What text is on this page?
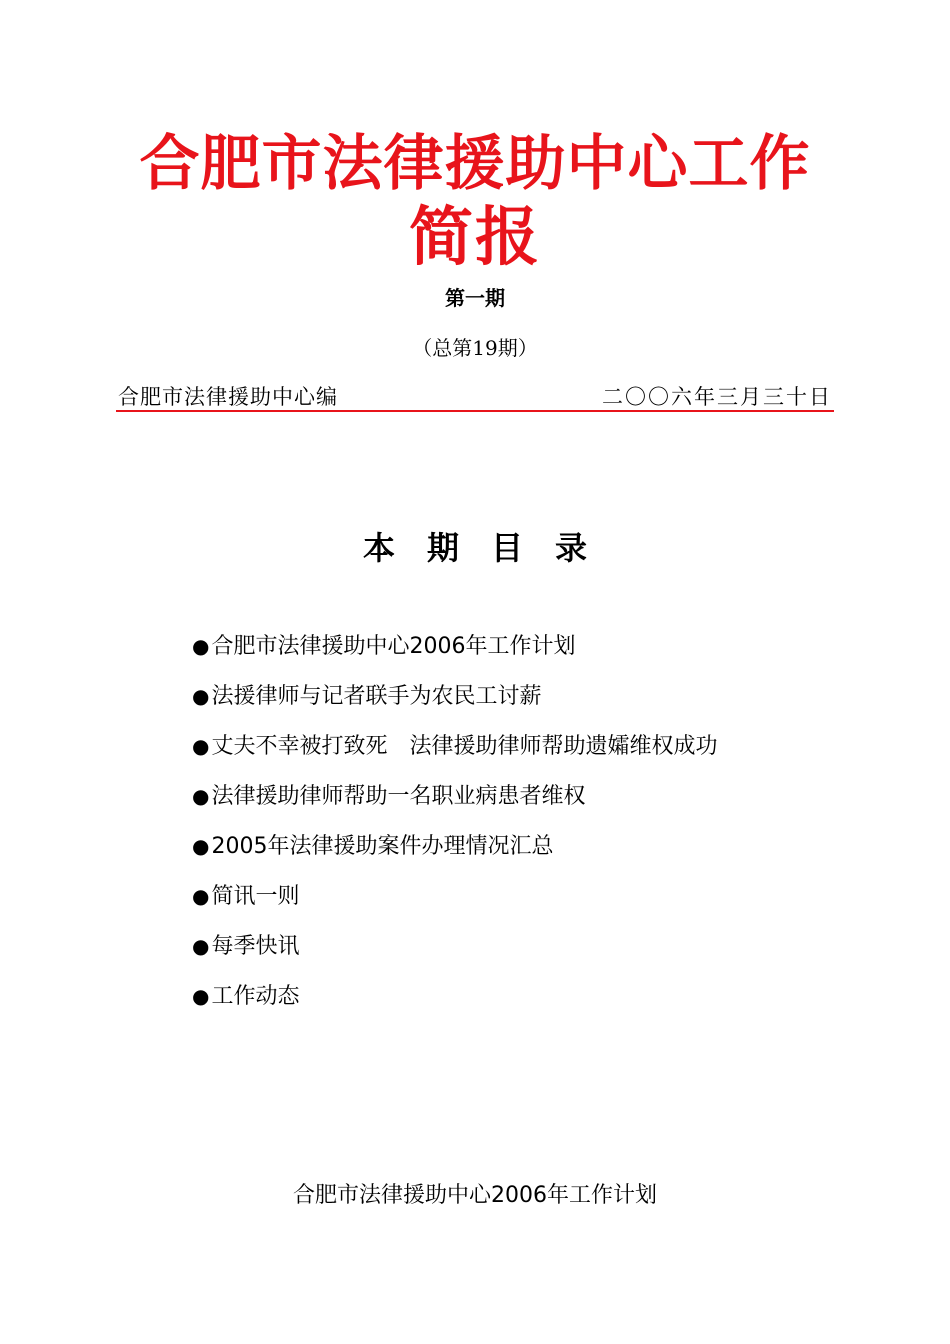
合肥市法律援助中心工作
简报
第一期
（总第19期）
合肥市法律援助中心编	二〇〇六年三月三十日
本期目录
●合肥市法律援助中心2006年工作计划
●法援律师与记者联手为农民工讨薪
●丈夫不幸被打致死　法律援助律师帮助遗孀维权成功
●法律援助律师帮助一名职业病患者维权
●2005年法律援助案件办理情况汇总
●简讯一则
●每季快讯
●工作动态
合肥市法律援助中心2006年工作计划
